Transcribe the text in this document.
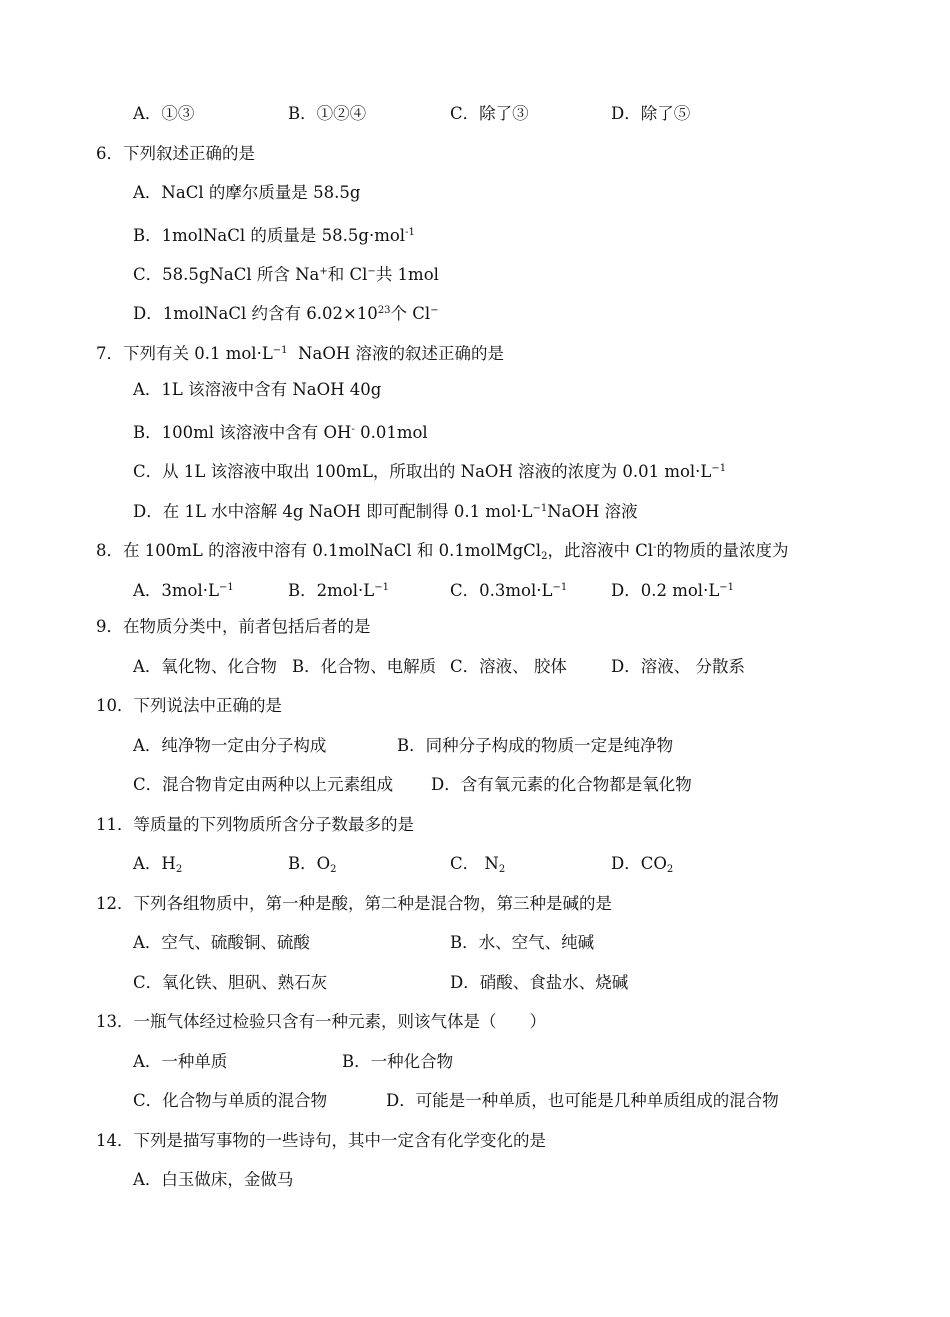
A．①③	B．①②④	C．除了③	D．除了⑤
6．下列叙述正确的是
A．NaCl 的摩尔质量是 58.5g
B．1molNaCl 的质量是 58.5g·mol$^{-1}$
C．58.5gNaCl 所含 Na+和 Cl−共 1mol
D．1molNaCl 约含有 $6.02\times 10^{23}$个 Cl−
7．下列有关 0.1 $mol\cdot L^{-1}$ NaOH 溶液的叙述正确的是
A．1L 该溶液中含有 NaOH 40g
B．100ml 该溶液中含有 OH- 0.01mol
C．从 1L 该溶液中取出 100mL，所取出的 NaOH 溶液的浓度为 0.01 $mol\cdot L^{-1}$
D．在 1L 水中溶解 4g NaOH 即可配制得 0.1 $mol\cdot L^{-1}NaOH$ 溶液
8．在 100mL 的溶液中溶有 0.1molNaCl 和 0.1molMgCl$_2$，此溶液中 Cl-的物质的量浓度为
A．$3mol\cdot L^{-1}$	B．$2mol\cdot L^{-1}$	C．$0.3mol\cdot L^{-1}$	D．0.2 $mol\cdot L^{-1}$
9．在物质分类中，前者包括后者的是
A．氧化物、化合物 B．化合物、电解质 C．溶液、 胶体	D．溶液、 分散系
10．下列说法中正确的是
A．纯净物一定由分子构成	B．同种分子构成的物质一定是纯净物
C．混合物肯定由两种以上元素组成 D．含有氧元素的化合物都是氧化物
11．等质量的下列物质所含分子数最多的是
A．$H_2$	B．$O_2$	C． $N_2$	D．$CO_2$
12．下列各组物质中，第一种是酸，第二种是混合物，第三种是碱的是
A．空气、硫酸铜、硫酸	B．水、空气、纯碱
C．氧化铁、胆矾、熟石灰	D．硝酸、食盐水、烧碱
13．一瓶气体经过检验只含有一种元素，则该气体是（　　）
A．一种单质	B．一种化合物
C．化合物与单质的混合物	D．可能是一种单质，也可能是几种单质组成的混合物
14．下列是描写事物的一些诗句，其中一定含有化学变化的是
A．白玉做床，金做马
